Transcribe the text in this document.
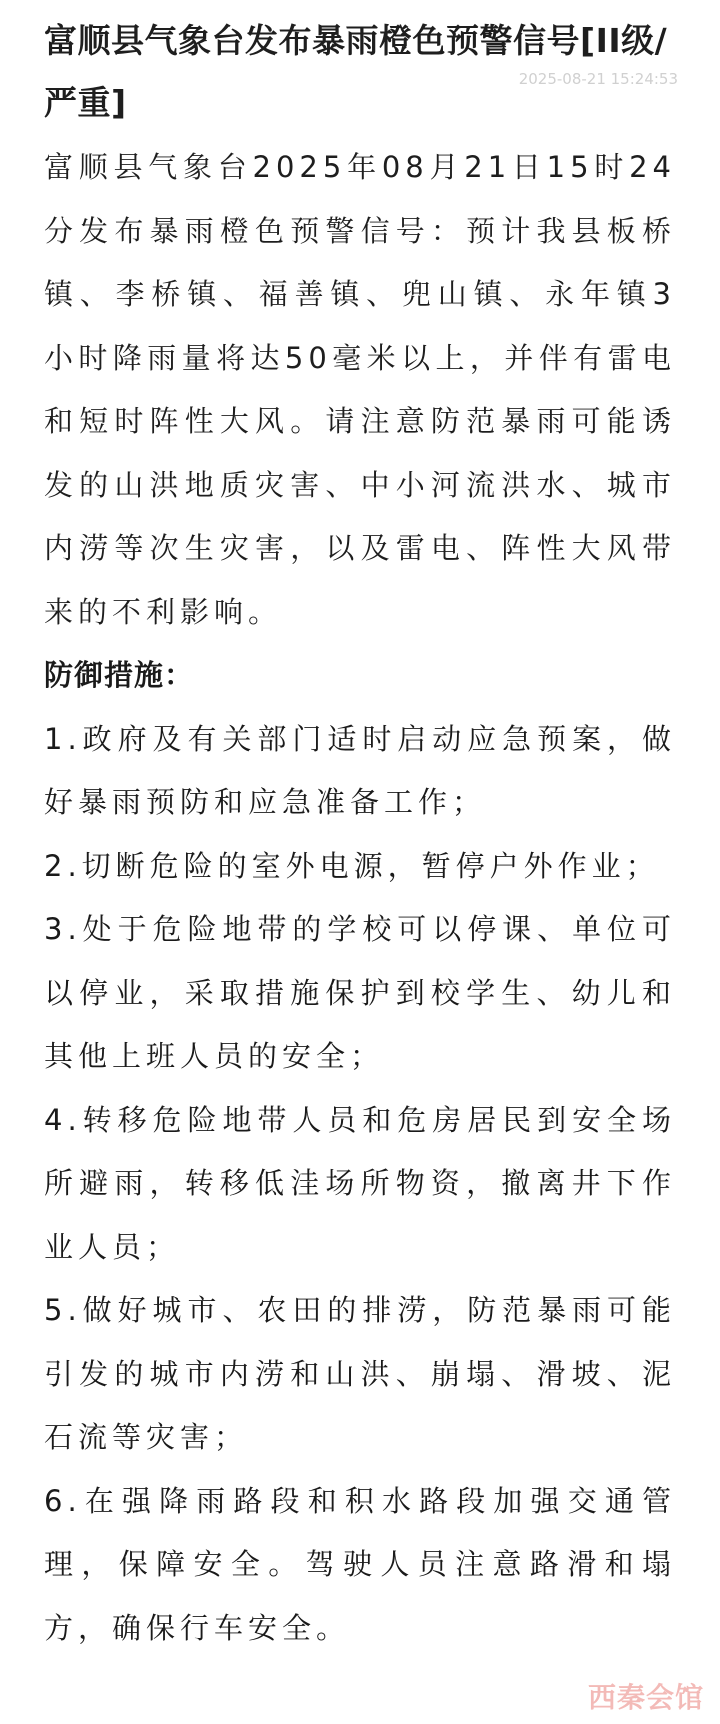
富顺县气象台发布暴雨橙色预警信号[II级/严重]
2025-08-21 15:24:53

富顺县气象台2025年08月21日15时24分发布暴雨橙色预警信号：预计我县板桥镇、李桥镇、福善镇、兜山镇、永年镇3小时降雨量将达50毫米以上，并伴有雷电和短时阵性大风。请注意防范暴雨可能诱发的山洪地质灾害、中小河流洪水、城市内涝等次生灾害，以及雷电、阵性大风带来的不利影响。

防御措施：

1.政府及有关部门适时启动应急预案，做好暴雨预防和应急准备工作；

2.切断危险的室外电源，暂停户外作业；

3.处于危险地带的学校可以停课、单位可以停业，采取措施保护到校学生、幼儿和其他上班人员的安全；

4.转移危险地带人员和危房居民到安全场所避雨，转移低洼场所物资，撤离井下作业人员；

5.做好城市、农田的排涝，防范暴雨可能引发的城市内涝和山洪、崩塌、滑坡、泥石流等灾害；

6.在强降雨路段和积水路段加强交通管理，保障安全。驾驶人员注意路滑和塌方，确保行车安全。

西秦会馆
